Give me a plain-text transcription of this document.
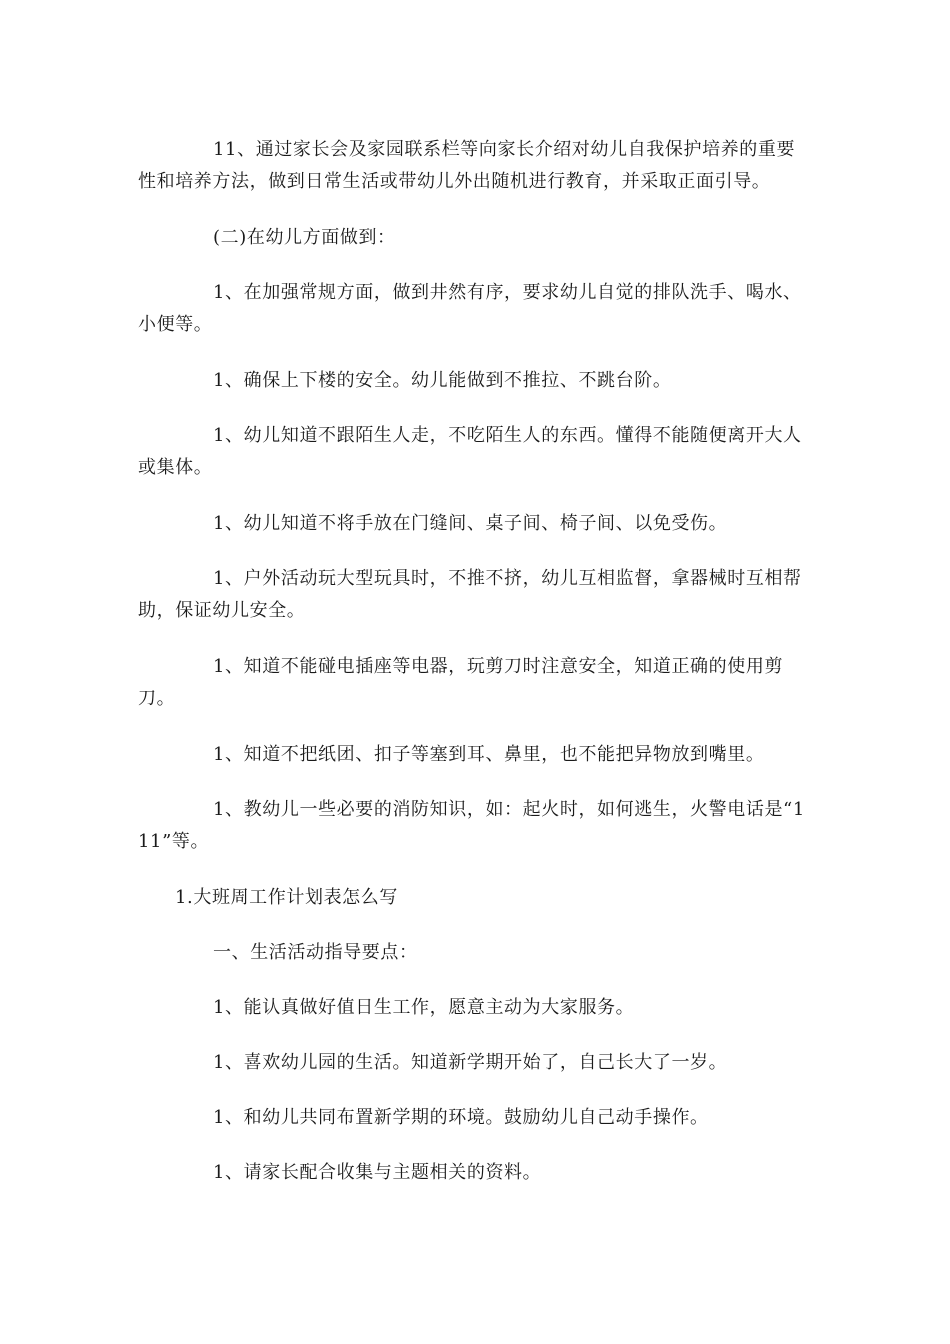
11、通过家长会及家园联系栏等向家长介绍对幼儿自我保护培养的重要性和培养方法，做到日常生活或带幼儿外出随机进行教育，并采取正面引导。

(二)在幼儿方面做到：

1、在加强常规方面，做到井然有序，要求幼儿自觉的排队洗手、喝水、小便等。

1、确保上下楼的安全。幼儿能做到不推拉、不跳台阶。

1、幼儿知道不跟陌生人走，不吃陌生人的东西。懂得不能随便离开大人或集体。

1、幼儿知道不将手放在门缝间、桌子间、椅子间、以免受伤。

1、户外活动玩大型玩具时，不推不挤，幼儿互相监督，拿器械时互相帮助，保证幼儿安全。

1、知道不能碰电插座等电器，玩剪刀时注意安全，知道正确的使用剪刀。

1、知道不把纸团、扣子等塞到耳、鼻里，也不能把异物放到嘴里。

1、教幼儿一些必要的消防知识，如：起火时，如何逃生，火警电话是“111”等。

1.大班周工作计划表怎么写

一、生活活动指导要点：

1、能认真做好值日生工作，愿意主动为大家服务。

1、喜欢幼儿园的生活。知道新学期开始了，自己长大了一岁。

1、和幼儿共同布置新学期的环境。鼓励幼儿自己动手操作。

1、请家长配合收集与主题相关的资料。
